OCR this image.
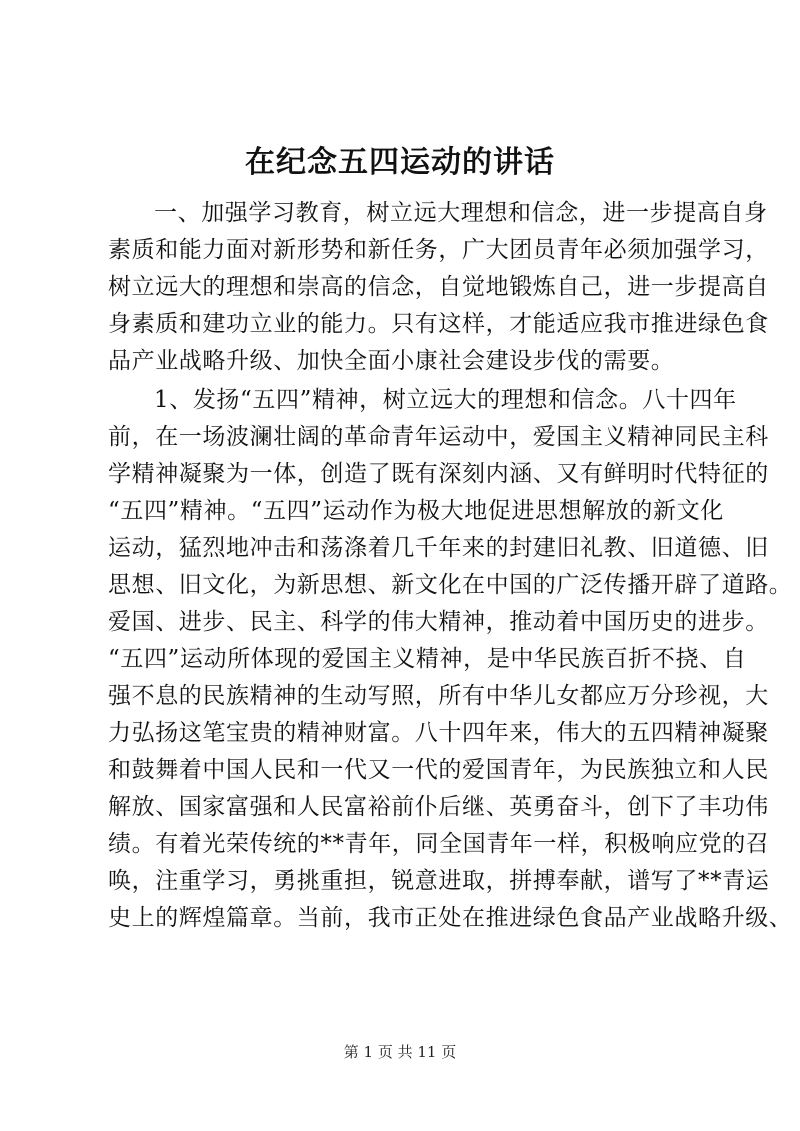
在纪念五四运动的讲话
一、加强学习教育，树立远大理想和信念，进一步提高自身
素质和能力面对新形势和新任务，广大团员青年必须加强学习，
树立远大的理想和崇高的信念，自觉地锻炼自己，进一步提高自
身素质和建功立业的能力。只有这样，才能适应我市推进绿色食
品产业战略升级、加快全面小康社会建设步伐的需要。
1、发扬“五四”精神，树立远大的理想和信念。八十四年
前，在一场波澜壮阔的革命青年运动中，爱国主义精神同民主科
学精神凝聚为一体，创造了既有深刻内涵、又有鲜明时代特征的
“五四”精神。“五四”运动作为极大地促进思想解放的新文化
运动，猛烈地冲击和荡涤着几千年来的封建旧礼教、旧道德、旧
思想、旧文化，为新思想、新文化在中国的广泛传播开辟了道路。
爱国、进步、民主、科学的伟大精神，推动着中国历史的进步。
“五四”运动所体现的爱国主义精神，是中华民族百折不挠、自
强不息的民族精神的生动写照，所有中华儿女都应万分珍视，大
力弘扬这笔宝贵的精神财富。八十四年来，伟大的五四精神凝聚
和鼓舞着中国人民和一代又一代的爱国青年，为民族独立和人民
解放、国家富强和人民富裕前仆后继、英勇奋斗，创下了丰功伟
绩。有着光荣传统的**青年，同全国青年一样，积极响应党的召
唤，注重学习，勇挑重担，锐意进取，拼搏奉献，谱写了**青运
史上的辉煌篇章。当前，我市正处在推进绿色食品产业战略升级、
第 1 页 共 11 页
